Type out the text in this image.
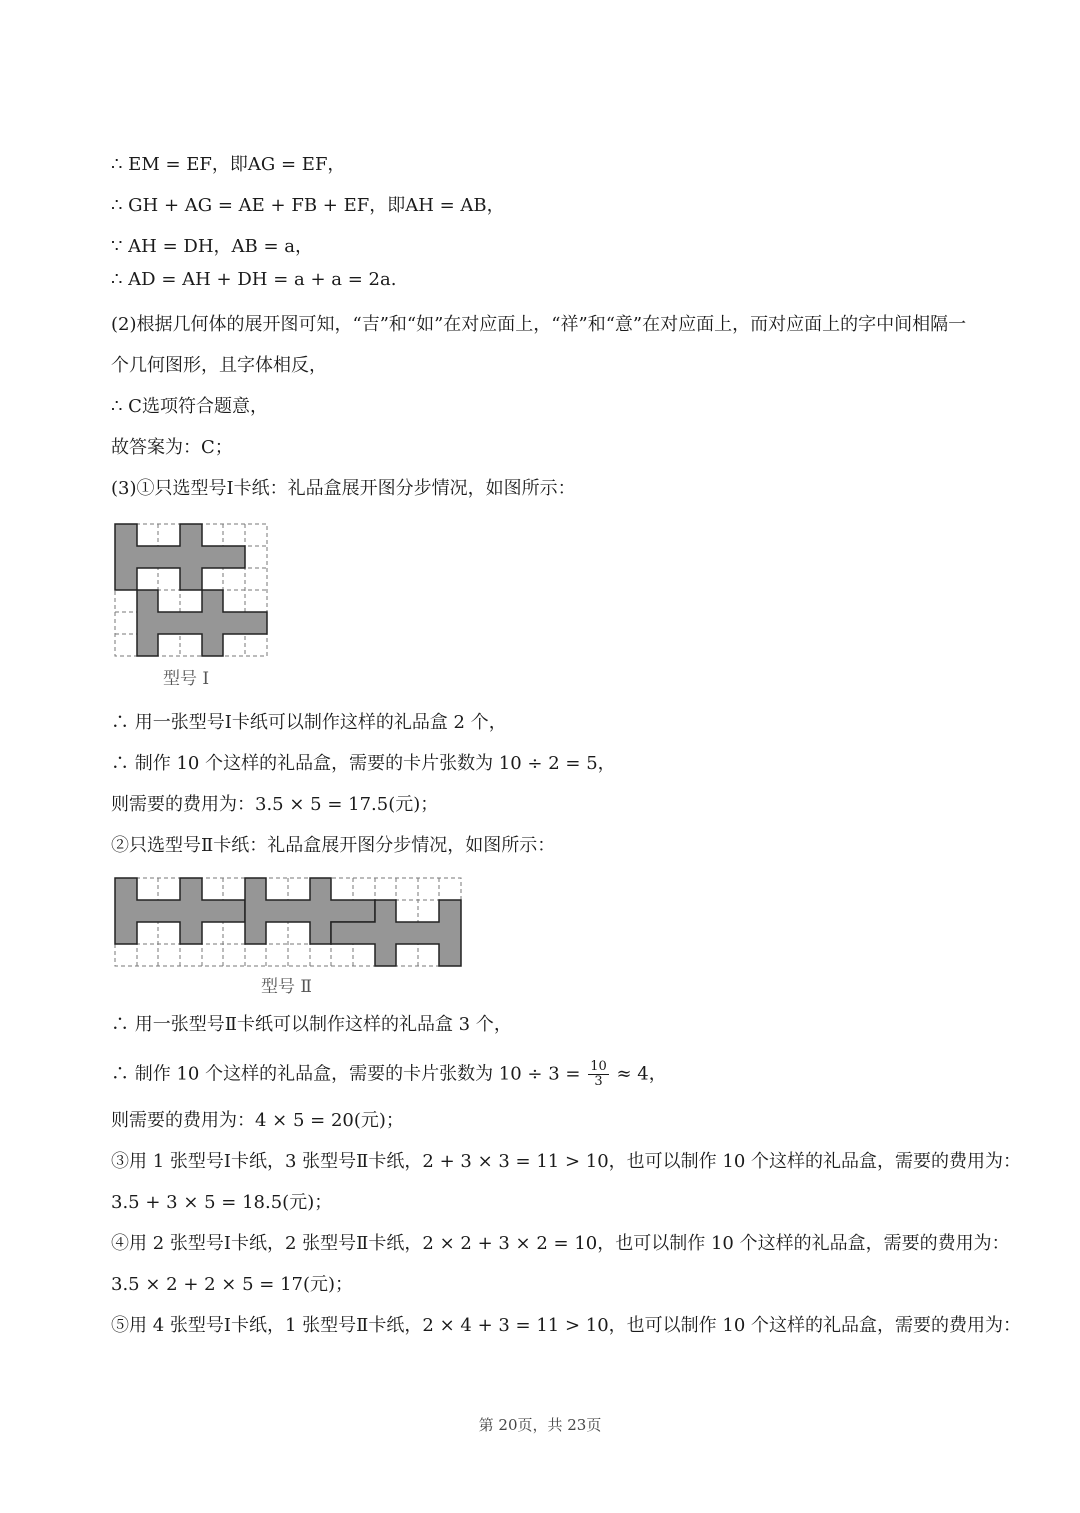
∴ EM = EF，即AG = EF，
∴ GH + AG = AE + FB + EF，即AH = AB，
∵ AH = DH，AB = a，
∴ AD = AH + DH = a + a = 2a.
(2)根据几何体的展开图可知，“吉”和“如”在对应面上，“祥”和“意”在对应面上，而对应面上的字中间相隔一
个几何图形，且字体相反，
∴ C选项符合题意，
故答案为：C；
(3)①只选型号Ⅰ卡纸：礼品盒展开图分步情况，如图所示：
型号 Ⅰ
∴ 用一张型号Ⅰ卡纸可以制作这样的礼品盒 2 个，
∴ 制作 10 个这样的礼品盒，需要的卡片张数为 10 ÷ 2 = 5，
则需要的费用为：3.5 × 5 = 17.5(元)；
②只选型号Ⅱ卡纸：礼品盒展开图分步情况，如图所示：
型号 Ⅱ
∴ 用一张型号Ⅱ卡纸可以制作这样的礼品盒 3 个，
∴ 制作 10 个这样的礼品盒，需要的卡片张数为 $10 \div 3 = \frac{10}{3} \approx 4$，
则需要的费用为：4 × 5 = 20(元)；
③用 1 张型号Ⅰ卡纸，3 张型号Ⅱ卡纸，2 + 3 × 3 = 11 > 10，也可以制作 10 个这样的礼品盒，需要的费用为：
3.5 + 3 × 5 = 18.5(元)；
④用 2 张型号Ⅰ卡纸，2 张型号Ⅱ卡纸，2 × 2 + 3 × 2 = 10，也可以制作 10 个这样的礼品盒，需要的费用为：
3.5 × 2 + 2 × 5 = 17(元)；
⑤用 4 张型号Ⅰ卡纸，1 张型号Ⅱ卡纸，2 × 4 + 3 = 11 > 10，也可以制作 10 个这样的礼品盒，需要的费用为：
第 20页，共 23页
